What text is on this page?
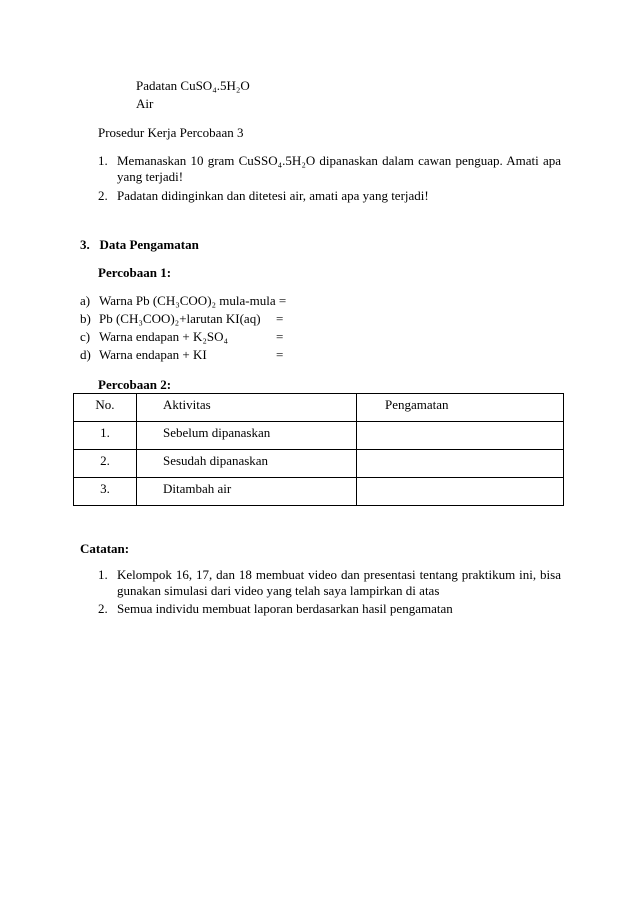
Padatan CuSO₄.5H₂O
Air
Prosedur Kerja Percobaan 3
1. Memanaskan 10 gram CuSSO₄.5H₂O dipanaskan dalam cawan penguap. Amati apa yang terjadi!
2. Padatan didinginkan dan ditetesi air, amati apa yang terjadi!
3.   Data Pengamatan
Percobaan 1:
a) Warna Pb (CH₃COO)₂ mula-mula =
b) Pb (CH₃COO)₂+larutan KI(aq) =
c) Warna endapan + K₂SO₄	=
d) Warna endapan + KI	=
Percobaan 2:
No.	Aktivitas	Pengamatan
1.	Sebelum dipanaskan	
2.	Sesudah dipanaskan	
3.	Ditambah air	
Catatan:
1. Kelompok 16, 17, dan 18 membuat video dan presentasi tentang praktikum ini, bisa gunakan simulasi dari video yang telah saya lampirkan di atas
2. Semua individu membuat laporan berdasarkan hasil pengamatan
